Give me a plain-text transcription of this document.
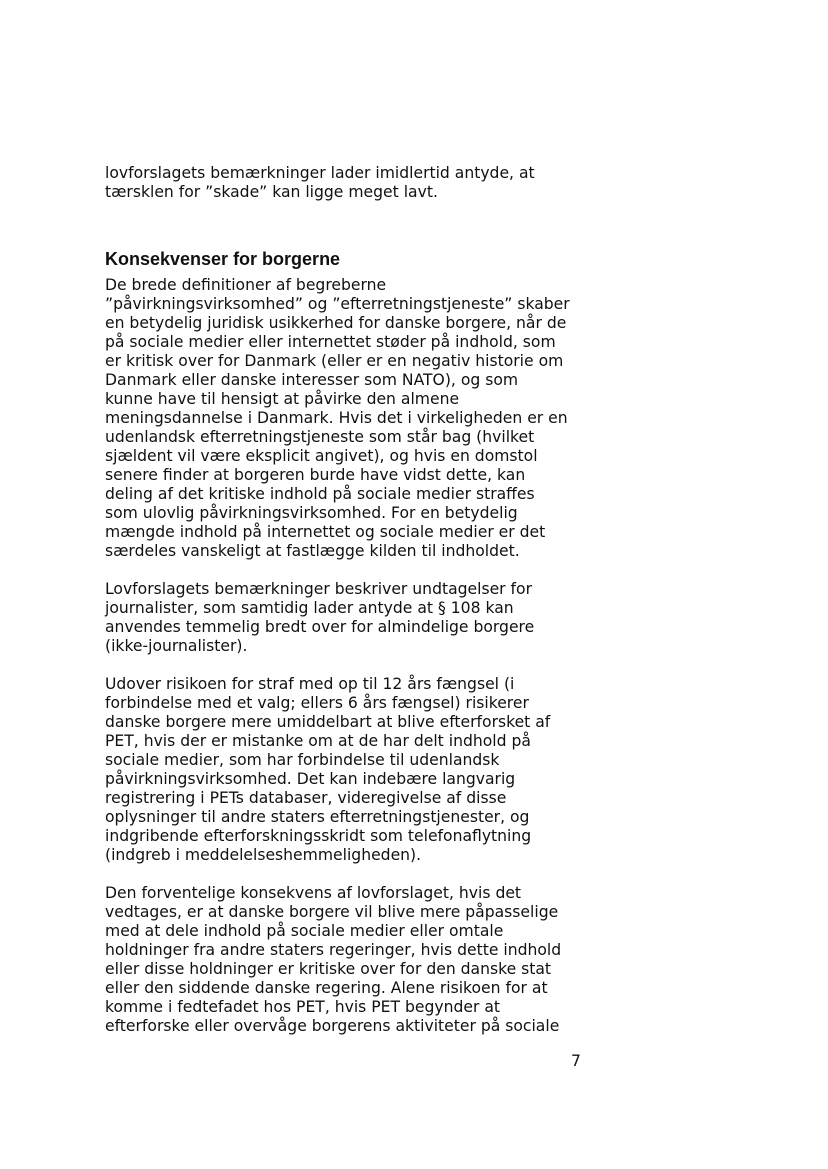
lovforslagets bemærkninger lader imidlertid antyde, at
tærsklen for ”skade” kan ligge meget lavt.

Konsekvenser for borgerne

De brede definitioner af begreberne
”påvirkningsvirksomhed” og ”efterretningstjeneste” skaber
en betydelig juridisk usikkerhed for danske borgere, når de
på sociale medier eller internettet støder på indhold, som
er kritisk over for Danmark (eller er en negativ historie om
Danmark eller danske interesser som NATO), og som
kunne have til hensigt at påvirke den almene
meningsdannelse i Danmark. Hvis det i virkeligheden er en
udenlandsk efterretningstjeneste som står bag (hvilket
sjældent vil være eksplicit angivet), og hvis en domstol
senere finder at borgeren burde have vidst dette, kan
deling af det kritiske indhold på sociale medier straffes
som ulovlig påvirkningsvirksomhed. For en betydelig
mængde indhold på internettet og sociale medier er det
særdeles vanskeligt at fastlægge kilden til indholdet.

Lovforslagets bemærkninger beskriver undtagelser for
journalister, som samtidig lader antyde at § 108 kan
anvendes temmelig bredt over for almindelige borgere
(ikke-journalister).

Udover risikoen for straf med op til 12 års fængsel (i
forbindelse med et valg; ellers 6 års fængsel) risikerer
danske borgere mere umiddelbart at blive efterforsket af
PET, hvis der er mistanke om at de har delt indhold på
sociale medier, som har forbindelse til udenlandsk
påvirkningsvirksomhed. Det kan indebære langvarig
registrering i PETs databaser, videregivelse af disse
oplysninger til andre staters efterretningstjenester, og
indgribende efterforskningsskridt som telefonaflytning
(indgreb i meddelelseshemmeligheden).

Den forventelige konsekvens af lovforslaget, hvis det
vedtages, er at danske borgere vil blive mere påpasselige
med at dele indhold på sociale medier eller omtale
holdninger fra andre staters regeringer, hvis dette indhold
eller disse holdninger er kritiske over for den danske stat
eller den siddende danske regering. Alene risikoen for at
komme i fedtefadet hos PET, hvis PET begynder at
efterforske eller overvåge borgerens aktiviteter på sociale

7
